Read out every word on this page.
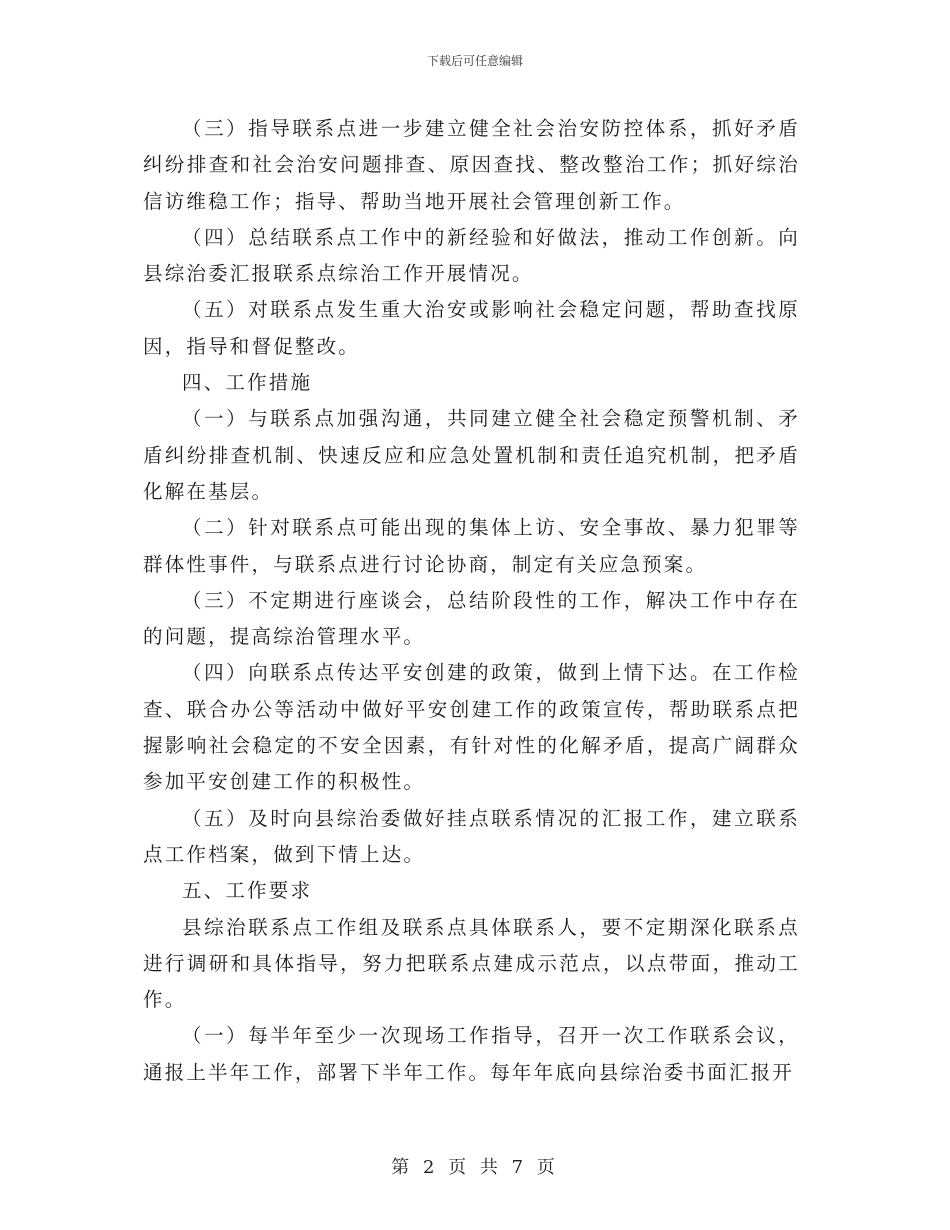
下载后可任意编辑

（三）指导联系点进一步建立健全社会治安防控体系，抓好矛盾纠纷排查和社会治安问题排查、原因查找、整改整治工作；抓好综治信访维稳工作；指导、帮助当地开展社会管理创新工作。

（四）总结联系点工作中的新经验和好做法，推动工作创新。向县综治委汇报联系点综治工作开展情况。

（五）对联系点发生重大治安或影响社会稳定问题，帮助查找原因，指导和督促整改。

四、工作措施

（一）与联系点加强沟通，共同建立健全社会稳定预警机制、矛盾纠纷排查机制、快速反应和应急处置机制和责任追究机制，把矛盾化解在基层。

（二）针对联系点可能出现的集体上访、安全事故、暴力犯罪等群体性事件，与联系点进行讨论协商，制定有关应急预案。

（三）不定期进行座谈会，总结阶段性的工作，解决工作中存在的问题，提高综治管理水平。

（四）向联系点传达平安创建的政策，做到上情下达。在工作检查、联合办公等活动中做好平安创建工作的政策宣传，帮助联系点把握影响社会稳定的不安全因素，有针对性的化解矛盾，提高广阔群众参加平安创建工作的积极性。

（五）及时向县综治委做好挂点联系情况的汇报工作，建立联系点工作档案，做到下情上达。

五、工作要求

县综治联系点工作组及联系点具体联系人，要不定期深化联系点进行调研和具体指导，努力把联系点建成示范点，以点带面，推动工作。

（一）每半年至少一次现场工作指导，召开一次工作联系会议，通报上半年工作，部署下半年工作。每年年底向县综治委书面汇报开

第 2 页 共 7 页
